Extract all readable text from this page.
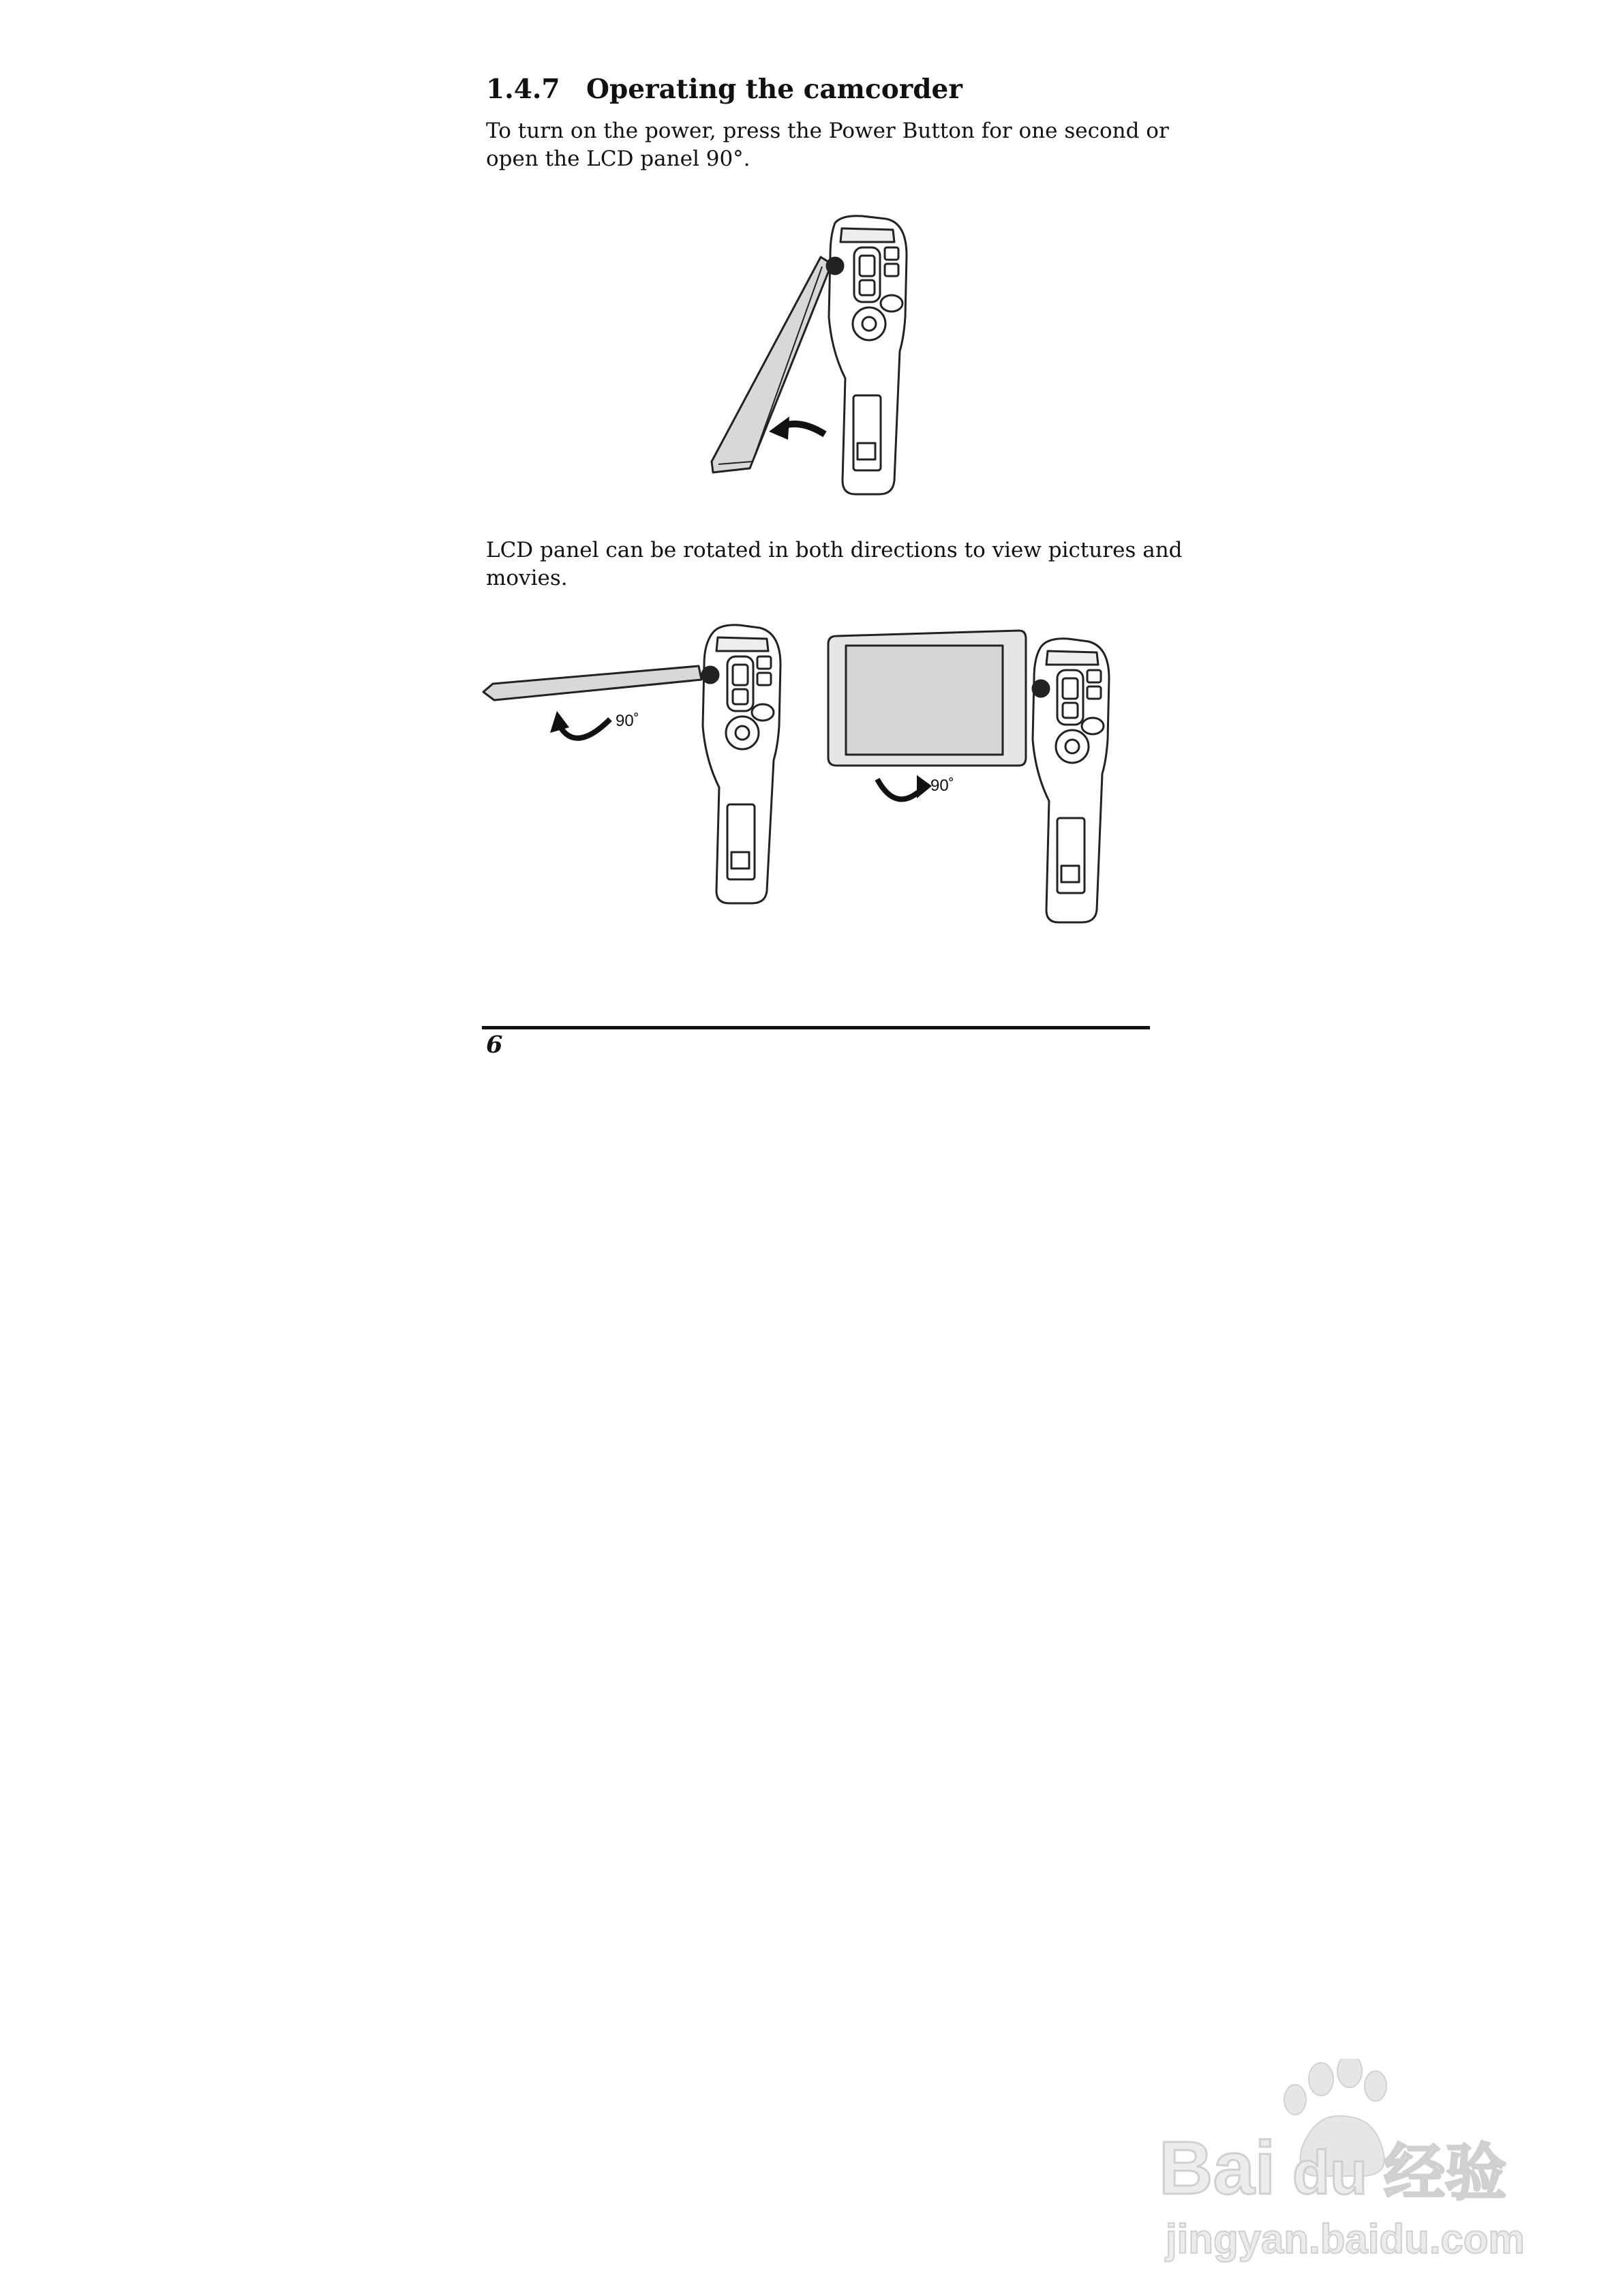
1.4.7 Operating the camcorder
To turn on the power, press the Power Button for one second or
open the LCD panel 90°.
LCD panel can be rotated in both directions to view pictures and
movies.
90˚
90˚
6
Bai du 经验
jingyan.baidu.com
